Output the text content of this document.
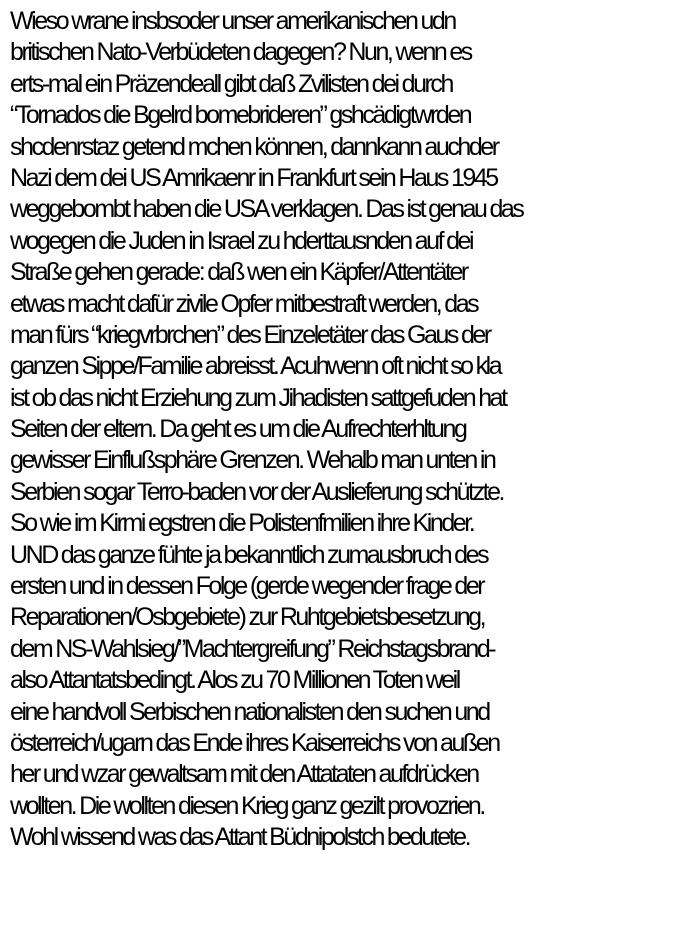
Wieso wrane insbsoder unser amerikanischen udn
britischen Nato-Verbüdeten dagegen? Nun, wenn es
erts-mal ein Präzendeall gibt daß Zvilisten dei durch
“Tornados die Bgelrd bomebrideren” gshcädigtwrden
shcdenrstaz getend mchen können, dannkann auchder
Nazi dem dei US Amrikaenr in Frankfurt sein Haus 1945
weggebombt haben die USA verklagen. Das ist genau das
wogegen die Juden in Israel zu hderttausnden auf dei
Straße gehen gerade: daß wen ein Käpfer/Attentäter
etwas macht dafür zivile Opfer mitbestraft werden, das
man fürs “kriegvrbrchen” des Einzeletäter das Gaus der
ganzen Sippe/Familie abreisst. Acuhwenn oft nicht so kla
ist ob das nicht Erziehung zum Jihadisten sattgefuden hat
Seiten der eltern. Da geht es um die Aufrechterhltung
gewisser Einflußsphäre Grenzen. Wehalb man unten in
Serbien sogar Terro-baden vor der Auslieferung schützte.
So wie im Kirmi egstren die Polistenfmilien ihre Kinder.
UND das ganze fühte ja bekanntlich zumausbruch des
ersten und in dessen Folge (gerde wegender frage der
Reparationen/Osbgebiete) zur Ruhtgebietsbesetzung,
dem NS-Wahlsieg/”Machtergreifung” Reichstagsbrand-
also Attantatsbedingt. Alos zu 70 Millionen Toten weil
eine handvoll Serbischen nationalisten den suchen und
österreich/ugarn das Ende ihres Kaiserreichs von außen
her und wzar gewaltsam mit den Attataten aufdrücken
wollten. Die wollten diesen Krieg ganz gezilt provozrien.
Wohl wissend was das Attant Büdnipolstch bedutete.
